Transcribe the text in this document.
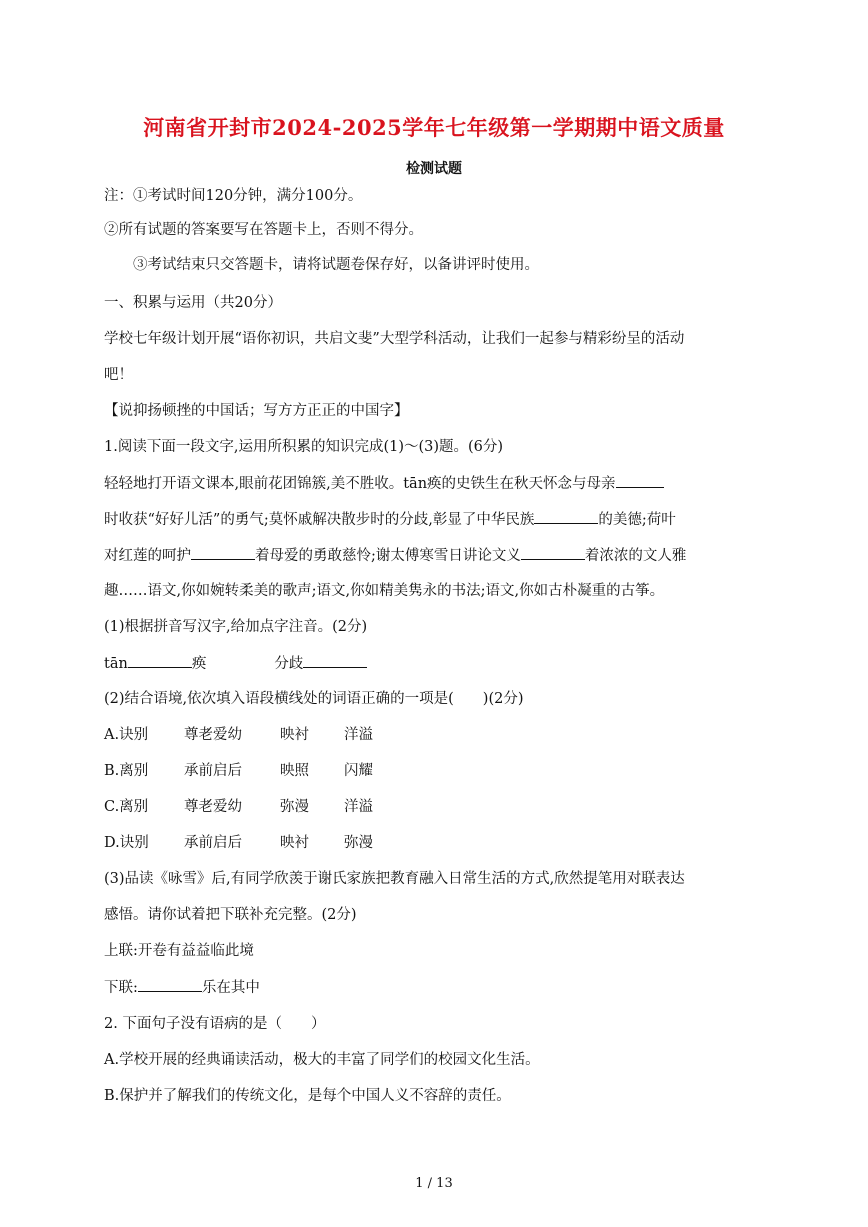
河南省开封市2024-2025学年七年级第一学期期中语文质量
检测试题
注：①考试时间120分钟，满分100分。
②所有试题的答案要写在答题卡上，否则不得分。
③考试结束只交答题卡，请将试题卷保存好，以备讲评时使用。
一、积累与运用（共20分）
学校七年级计划开展“语你初识，共启文斐”大型学科活动，让我们一起参与精彩纷呈的活动
吧！
【说抑扬顿挫的中国话；写方方正正的中国字】
1.阅读下面一段文字,运用所积累的知识完成(1)～(3)题。(6分)
轻轻地打开语文课本,眼前花团锦簇,美不胜收。tān痪的史铁生在秋天怀念与母亲
时收获“好好儿活”的勇气;莫怀戚解决散步时的分歧,彰显了中华民族	的美德;荷叶
对红莲的呵护	着母爱的勇敢慈怜;谢太傅寒雪日讲论文义	着浓浓的文人雅
趣……语文,你如婉转柔美的歌声;语文,你如精美隽永的书法;语文,你如古朴凝重的古筝。
(1)根据拼音写汉字,给加点字注音。(2分)
tān	痪	分歧
(2)结合语境,依次填入语段横线处的词语正确的一项是(　　)(2分)
A.诀别 尊老爱幼	映衬 洋溢
B.离别 承前启后	映照 闪耀
C.离别 尊老爱幼	弥漫 洋溢
D.诀别 承前启后	映衬 弥漫
(3)品读《咏雪》后,有同学欣羡于谢氏家族把教育融入日常生活的方式,欣然提笔用对联表达
感悟。请你试着把下联补充完整。(2分)
上联:开卷有益益临此境
下联:	乐在其中
2. 下面句子没有语病的是（　　）
A.学校开展的经典诵读活动，极大的丰富了同学们的校园文化生活。
B.保护并了解我们的传统文化，是每个中国人义不容辞的责任。
1 / 13
